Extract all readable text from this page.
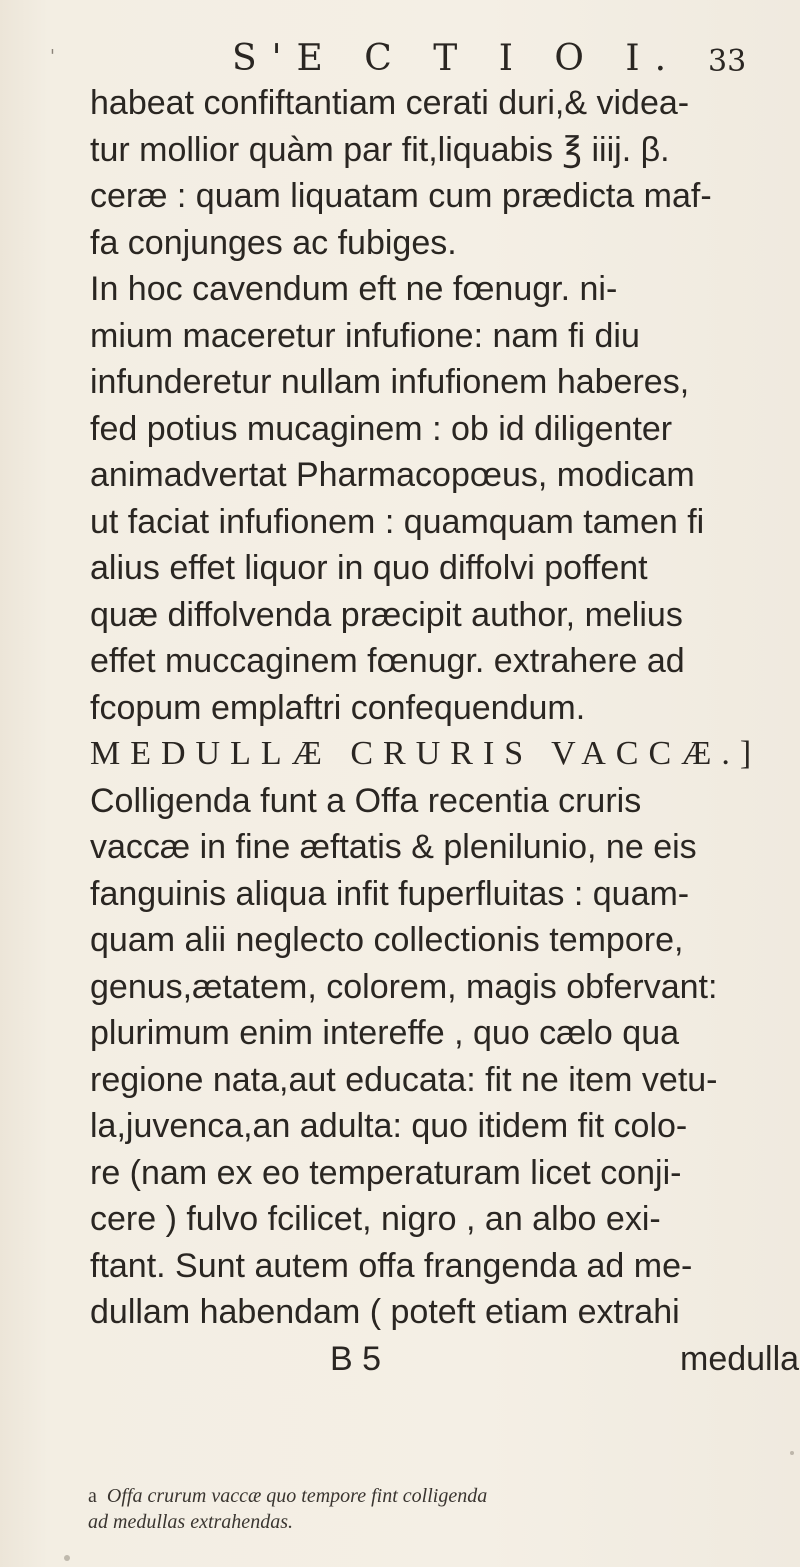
'	S'E C T I O I. 33
habeat confiftantiam cerati duri,& videa-
tur mollior quàm par fit,liquabis ℥ iiij. β.
ceræ : quam liquatam cum prædicta maf-
fa conjunges ac fubiges.
In hoc cavendum eft ne fœnugr. ni-
mium maceretur infufione: nam fi diu
infunderetur nullam infufionem haberes,
fed potius mucaginem : ob id diligenter
animadvertat Pharmacopœus, modicam
ut faciat infufionem : quamquam tamen fi
alius effet liquor in quo diffolvi poffent
quæ diffolvenda præcipit author, melius
effet muccaginem fœnugr. extrahere ad
fcopum emplaftri confequendum.
MEDULLÆ CRURIS VACCÆ.]
Colligenda funt a Offa recentia cruris
vaccæ in fine æftatis & plenilunio, ne eis
fanguinis aliqua infit fuperfluitas : quam-
quam alii neglecto collectionis tempore,
genus,ætatem, colorem, magis obfervant:
plurimum enim intereffe , quo cælo qua
regione nata,aut educata: fit ne item vetu-
la,juvenca,an adulta: quo itidem fit colo-
re (nam ex eo temperaturam licet conji-
cere ) fulvo fcilicet, nigro , an albo exi-
ftant. Sunt autem offa frangenda ad me-
dullam habendam ( poteft etiam extrahi
B 5	medulla
a Offa crurum vaccæ quo tempore fint colligenda
ad medullas extrahendas.
